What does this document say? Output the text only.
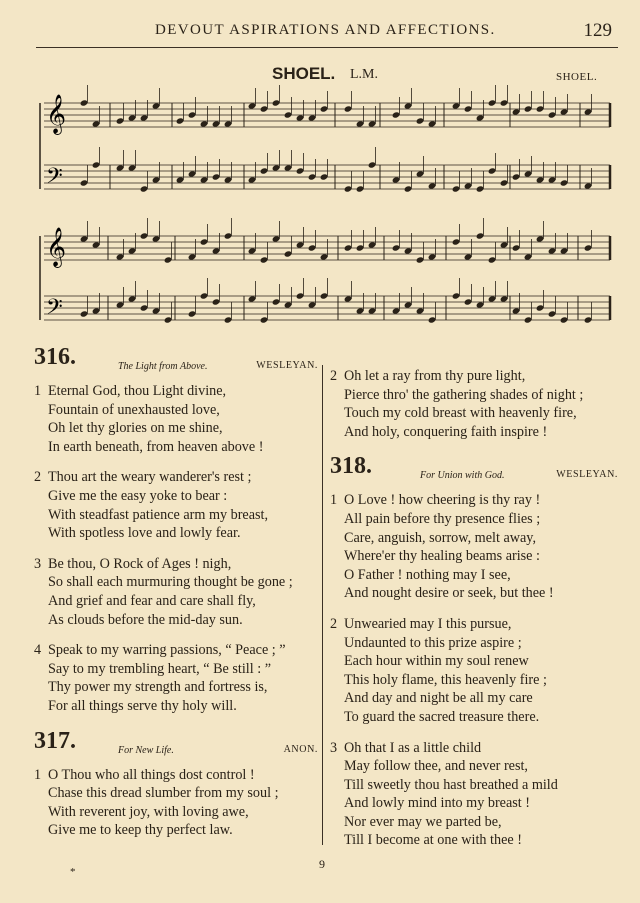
DEVOUT ASPIRATIONS AND AFFECTIONS.	129
SHOEL. L.M.	SHOEL.
𝄞
𝄢
𝄞
𝄢
316.	The Light from Above.	WESLEYAN.
1 Eternal God, thou Light divine,
Fountain of unexhausted love,
Oh let thy glories on me shine,
In earth beneath, from heaven above !
2 Thou art the weary wanderer's rest ;
Give me the easy yoke to bear :
With steadfast patience arm my breast,
With spotless love and lowly fear.
3 Be thou, O Rock of Ages ! nigh,
So shall each murmuring thought be gone ;
And grief and fear and care shall fly,
As clouds before the mid-day sun.
4 Speak to my warring passions, “ Peace ; ”
Say to my trembling heart, “ Be still : ”
Thy power my strength and fortress is,
For all things serve thy holy will.
317.	For New Life.	ANON.
1 O Thou who all things dost control !
Chase this dread slumber from my soul ;
With reverent joy, with loving awe,
Give me to keep thy perfect law.
2 Oh let a ray from thy pure light,
Pierce thro' the gathering shades of night ;
Touch my cold breast with heavenly fire,
And holy, conquering faith inspire !
318.	For Union with God.	WESLEYAN.
1 O Love ! how cheering is thy ray !
All pain before thy presence flies ;
Care, anguish, sorrow, melt away,
Where'er thy healing beams arise :
O Father ! nothing may I see,
And nought desire or seek, but thee !
2 Unwearied may I this pursue,
Undaunted to this prize aspire ;
Each hour within my soul renew
This holy flame, this heavenly fire ;
And day and night be all my care
To guard the sacred treasure there.
3 Oh that I as a little child
May follow thee, and never rest,
Till sweetly thou hast breathed a mild
And lowly mind into my breast !
Nor ever may we parted be,
Till I become at one with thee !
*
9
